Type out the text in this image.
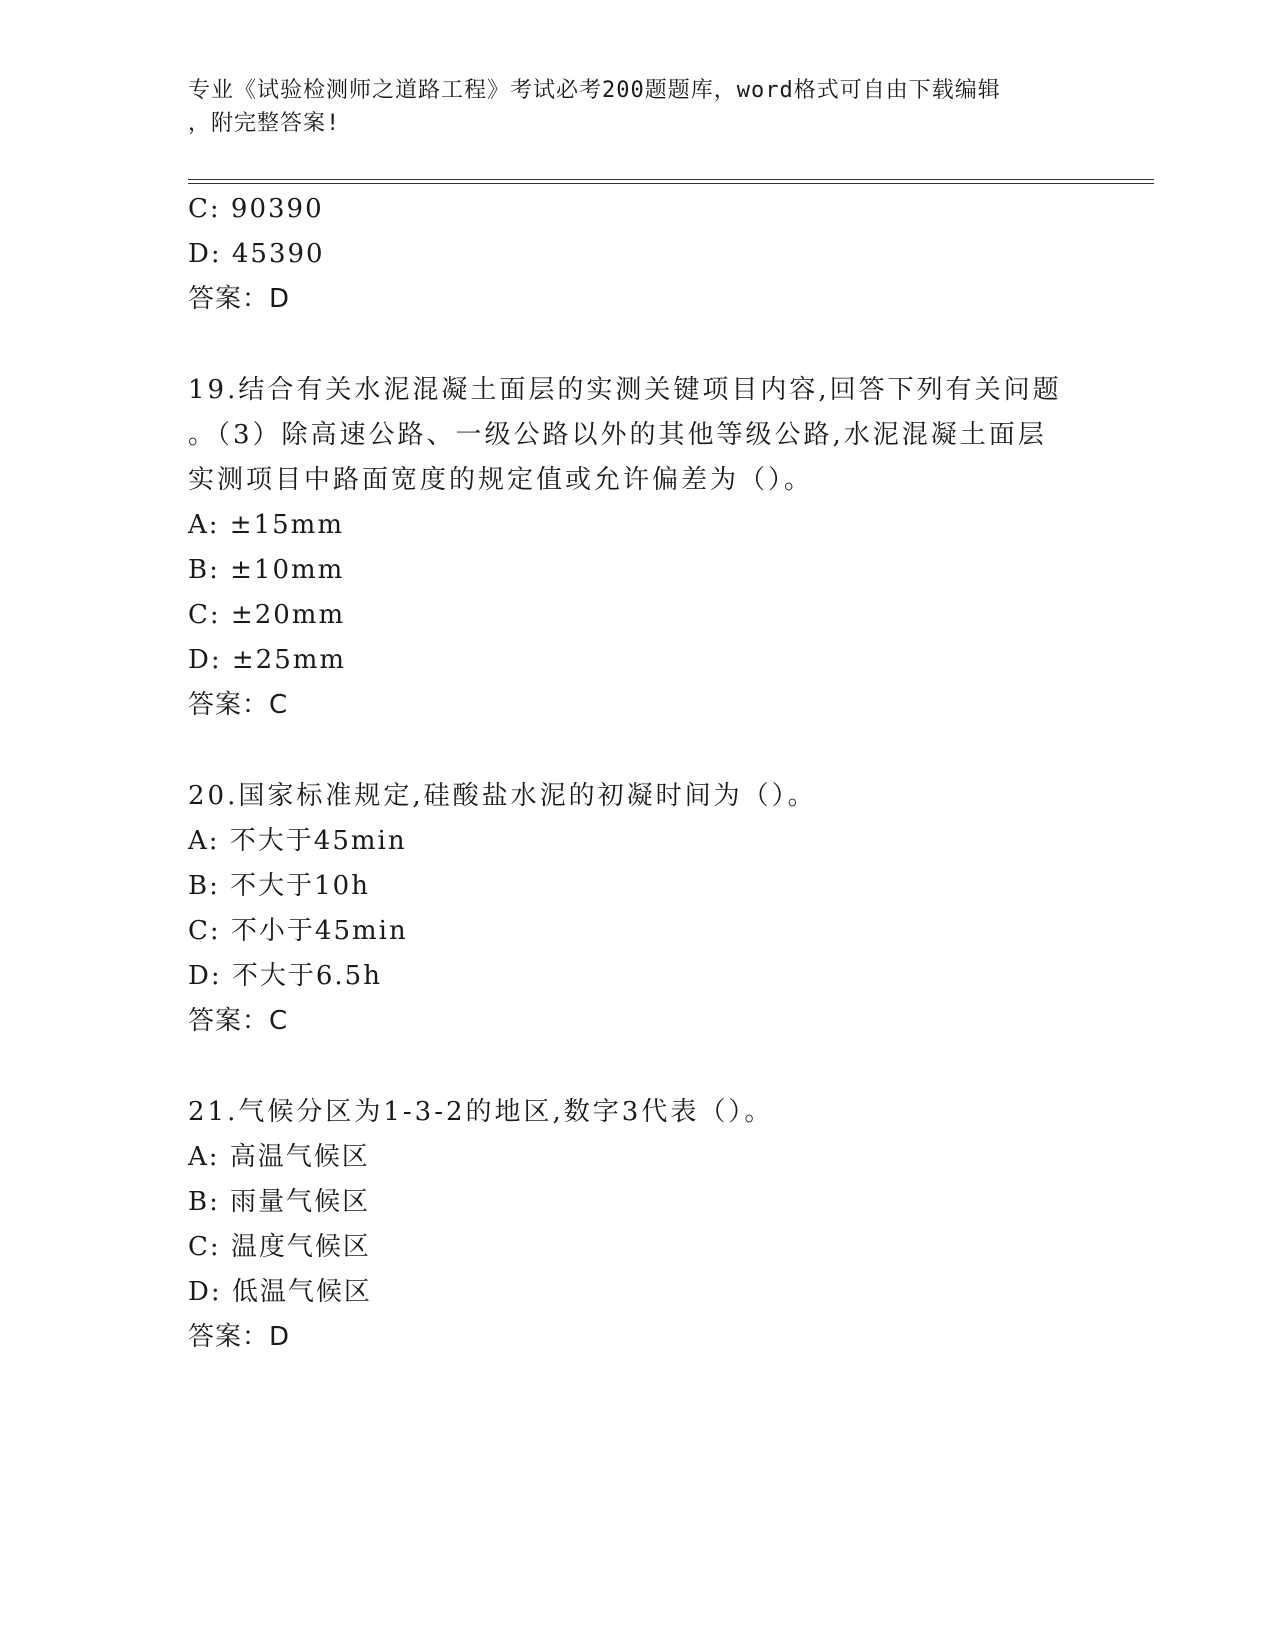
专业《试验检测师之道路工程》考试必考200题题库，word格式可自由下载编辑
，附完整答案!
C: 90390
D: 45390
答案：D
19.结合有关水泥混凝土面层的实测关键项目内容,回答下列有关问题
。（3）除高速公路、一级公路以外的其他等级公路,水泥混凝土面层
实测项目中路面宽度的规定值或允许偏差为（）。
A: ±15mm
B: ±10mm
C: ±20mm
D: ±25mm
答案：C
20.国家标准规定,硅酸盐水泥的初凝时间为（）。
A: 不大于45min
B: 不大于10h
C: 不小于45min
D: 不大于6.5h
答案：C
21.气候分区为1-3-2的地区,数字3代表（）。
A: 高温气候区
B: 雨量气候区
C: 温度气候区
D: 低温气候区
答案：D
